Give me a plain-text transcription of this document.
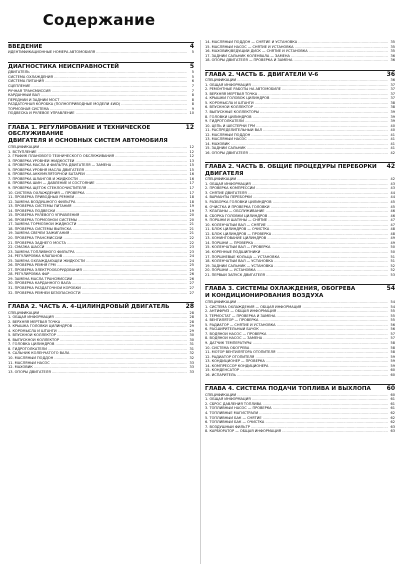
Содержание
ВВЕДЕНИЕ	4
ИДЕНТИФИКАЦИОННЫЕ НОМЕРА АВТОМОБИЛЯ .....	5
ДИАГНОСТИКА НЕИСПРАВНОСТЕЙ	5
ДВИГАТЕЛЬ .....	5
СИСТЕМА ОХЛАЖДЕНИЯ .....	5
СИСТЕМА ПИТАНИЯ .....	6
СЦЕПЛЕНИЕ .....	7
РУЧНАЯ ТРАНСМИССИЯ .....	7
КАРДАННЫЙ ВАЛ .....	8
ПЕРЕДНИЙ И ЗАДНИЙ МОСТ .....	8
РАЗДАТОЧНАЯ КОРОБКА (ПОЛНОПРИВОДНЫЕ МОДЕЛИ 4WD) .....	8
ТОРМОЗНАЯ СИСТЕМА .....	9
ПОДВЕСКА И РУЛЕВОЕ УПРАВЛЕНИЕ .....	10
ГЛАВА 1. РЕГУЛИРОВАНИЕ И ТЕХНИЧЕСКОЕ ОБСЛУЖИВАНИЕ
12
ДВИГАТЕЛЯ И ОСНОВНЫХ СИСТЕМ АВТОМОБИЛЯ
СПЕЦИФИКАЦИИ .....	12
1. ВСТУПЛЕНИЕ .....	12
2. ГРАФИК ПЛАНОВОГО ТЕХНИЧЕСКОГО ОБСЛУЖИВАНИЯ .....	12
3. ПРОВЕРКА УРОВНЕЙ ЖИДКОСТЕЙ .....	13
4. ПРОВЕРКА МАСЛА И ФИЛЬТРА ДВИГАТЕЛЯ — ЗАМЕНА .....	15
5. ПРОВЕРКА УРОВНЯ МАСЛА ДВИГАТЕЛЯ .....	15
6. ПРОВЕРКА АККУМУЛЯТОРНОЙ БАТАРЕИ .....	16
7. ПРОВЕРКА ШЛАНГОВ И ЖИДКОСТИ .....	16
8. ПРОВЕРКА ШИН — ДАВЛЕНИЕ И СОСТОЯНИЕ .....	17
9. ПРОВЕРКА ЩЕТОК СТЕКЛООЧИСТИТЕЛЯ .....	17
10. СИСТЕМА ОХЛАЖДЕНИЯ — ПРОВЕРКА .....	17
11. ПРОВЕРКА ПРИВОДНЫХ РЕМНЕЙ .....	18
12. ЗАМЕНА ВОЗДУШНОГО ФИЛЬТРА .....	18
13. ПРОВЕРКА СИСТЕМЫ ПИТАНИЯ .....	19
14. ПРОВЕРКА ПОДВЕСКИ .....	19
15. ПРОВЕРКА РУЛЕВОГО УПРАВЛЕНИЯ .....	20
16. ПРОВЕРКА ТОРМОЗНОЙ СИСТЕМЫ .....	20
17. ЗАМЕНА ТОРМОЗНОЙ ЖИДКОСТИ .....	21
18. ПРОВЕРКА СИСТЕМЫ ВЫПУСКА .....	21
19. ЗАМЕНА СВЕЧЕЙ ЗАЖИГАНИЯ .....	21
20. ПРОВЕРКА ТРАНСМИССИИ .....	22
21. ПРОВЕРКА ЗАДНЕГО МОСТА .....	22
22. СМАЗКА ШАССИ .....	23
23. ЗАМЕНА ТОПЛИВНОГО ФИЛЬТРА .....	23
24. РЕГУЛИРОВКА КЛАПАНОВ .....	24
25. ЗАМЕНА ОХЛАЖДАЮЩЕЙ ЖИДКОСТИ .....	24
26. ПРОВЕРКА РЕМНЯ ГРМ .....	25
27. ПРОВЕРКА ЭЛЕКТРООБОРУДОВАНИЯ .....	25
28. РЕГУЛИРОВКА ФАР .....	26
29. ЗАМЕНА МАСЛА ТРАНСМИССИИ .....	26
30. ПРОВЕРКА КАРДАННОГО ВАЛА .....	27
31. ПРОВЕРКА РАЗДАТОЧНОЙ КОРОБКИ .....	27
32. ПРОВЕРКА РЕМНЕЙ БЕЗОПАСНОСТИ .....	27
ГЛАВА 2. ЧАСТЬ А. 4-ЦИЛИНДРОВЫЙ ДВИГАТЕЛЬ	28
СПЕЦИФИКАЦИИ .....	28
1. ОБЩАЯ ИНФОРМАЦИЯ .....	28
2. ВЕРХНЯЯ МЕРТВАЯ ТОЧКА .....	28
3. КРЫШКА ГОЛОВКИ ЦИЛИНДРОВ .....	29
4. КОРОМЫСЛА И ШТАНГИ .....	29
5. ВПУСКНОЙ КОЛЛЕКТОР .....	30
6. ВЫПУСКНОЙ КОЛЛЕКТОР .....	30
7. ГОЛОВКА ЦИЛИНДРОВ .....	31
8. ГИДРОТОЛКАТЕЛИ .....	31
9. САЛЬНИК КОЛЕНЧАТОГО ВАЛА .....	32
10. МАСЛЯНЫЙ ПОДДОН .....	32
11. МАСЛЯНЫЙ НАСОС .....	33
12. МАХОВИК .....	33
13. ОПОРЫ ДВИГАТЕЛЯ .....	33
14. МАСЛЯНЫЙ ПОДДОН — СНЯТИЕ И УСТАНОВКА .....	35
15. МАСЛЯНЫЙ НАСОС — СНЯТИЕ И УСТАНОВКА .....	35
16. МАХОВИК/ВЕДУЩИЙ ДИСК — СНЯТИЕ И УСТАНОВКА .....	35
17. ЗАДНИЙ САЛЬНИК КОЛЕНВАЛА — ЗАМЕНА .....	36
18. ОПОРЫ ДВИГАТЕЛЯ — ПРОВЕРКА И ЗАМЕНА .....	36
ГЛАВА 2. ЧАСТЬ Б. ДВИГАТЕЛИ V-6	36
СПЕЦИФИКАЦИИ .....	36
1. ОБЩАЯ ИНФОРМАЦИЯ .....	37
2. РЕМОНТНЫЕ РАБОТЫ НА АВТОМОБИЛЕ .....	37
3. ВЕРХНЯЯ МЕРТВАЯ ТОЧКА .....	37
4. КРЫШКИ ГОЛОВОК ЦИЛИНДРОВ .....	37
5. КОРОМЫСЛА И ШТАНГИ .....	38
6. ВПУСКНОЙ КОЛЛЕКТОР .....	38
7. ВЫПУСКНЫЕ КОЛЛЕКТОРЫ .....	39
8. ГОЛОВКИ ЦИЛИНДРОВ .....	39
9. ГИДРОТОЛКАТЕЛИ .....	39
10. ЦЕПЬ И ШЕСТЕРНИ ГРМ .....	40
11. РАСПРЕДЕЛИТЕЛЬНЫЙ ВАЛ .....	40
12. МАСЛЯНЫЙ ПОДДОН .....	41
13. МАСЛЯНЫЙ НАСОС .....	41
14. МАХОВИК .....	41
15. ЗАДНИЙ САЛЬНИК .....	41
16. ОПОРЫ ДВИГАТЕЛЯ .....	42
ГЛАВА 2. ЧАСТЬ В. ОБЩИЕ ПРОЦЕДУРЫ ПЕРЕБОРКИ ДВИГАТЕЛЯ
42
СПЕЦИФИКАЦИИ .....	42
1. ОБЩАЯ ИНФОРМАЦИЯ .....	43
2. ПРОВЕРКА КОМПРЕССИИ .....	43
3. СНЯТИЕ ДВИГАТЕЛЯ .....	44
4. ВАРИАНТЫ ПЕРЕБОРКИ .....	44
5. РАЗБОРКА ГОЛОВКИ ЦИЛИНДРОВ .....	45
6. ОЧИСТКА И ПРОВЕРКА ГОЛОВКИ .....	45
7. КЛАПАНЫ — ОБСЛУЖИВАНИЕ .....	46
8. СБОРКА ГОЛОВКИ ЦИЛИНДРОВ .....	46
9. ПОРШНИ И ШАТУНЫ — СНЯТИЕ .....	47
10. КОЛЕНЧАТЫЙ ВАЛ — СНЯТИЕ .....	47
11. БЛОК ЦИЛИНДРОВ — ОЧИСТКА .....	48
12. БЛОК ЦИЛИНДРОВ — ПРОВЕРКА .....	48
13. ХОНИНГОВАНИЕ ЦИЛИНДРОВ .....	49
14. ПОРШНИ — ПРОВЕРКА .....	49
15. КОЛЕНЧАТЫЙ ВАЛ — ПРОВЕРКА .....	50
16. КОРЕННЫЕ ПОДШИПНИКИ .....	50
17. ПОРШНЕВЫЕ КОЛЬЦА — УСТАНОВКА .....	51
18. КОЛЕНЧАТЫЙ ВАЛ — УСТАНОВКА .....	51
19. ЗАДНИЙ САЛЬНИК — УСТАНОВКА .....	52
20. ПОРШНИ — УСТАНОВКА .....	52
21. ПЕРВЫЙ ЗАПУСК ДВИГАТЕЛЯ .....	53
ГЛАВА 3. СИСТЕМЫ ОХЛАЖДЕНИЯ, ОБОГРЕВА	54
И КОНДИЦИОНИРОВАНИЯ ВОЗДУХА
СПЕЦИФИКАЦИИ .....	54
1. СИСТЕМА ОХЛАЖДЕНИЯ — ОБЩАЯ ИНФОРМАЦИЯ .....	54
2. АНТИФРИЗ — ОБЩАЯ ИНФОРМАЦИЯ .....	55
3. ТЕРМОСТАТ — ПРОВЕРКА И ЗАМЕНА .....	55
4. ВЕНТИЛЯТОР — ПРОВЕРКА .....	55
5. РАДИАТОР — СНЯТИЕ И УСТАНОВКА .....	56
6. РАСШИРИТЕЛЬНЫЙ БАЧОК .....	56
7. ВОДЯНОЙ НАСОС — ПРОВЕРКА .....	57
8. ВОДЯНОЙ НАСОС — ЗАМЕНА .....	57
9. ДАТЧИК ТЕМПЕРАТУРЫ .....	58
10. СИСТЕМА ОБОГРЕВА .....	58
11. МОТОР ВЕНТИЛЯТОРА ОТОПИТЕЛЯ .....	58
12. РАДИАТОР ОТОПИТЕЛЯ .....	59
13. КОНДИЦИОНЕР — ПРОВЕРКА .....	59
14. КОМПРЕССОР КОНДИЦИОНЕРА .....	59
15. КОНДЕНСАТОР .....	60
16. ИСПАРИТЕЛЬ .....	60
ГЛАВА 4. СИСТЕМА ПОДАЧИ ТОПЛИВА И ВЫХЛОПА	60
СПЕЦИФИКАЦИИ .....	60
1. ОБЩАЯ ИНФОРМАЦИЯ .....	61
2. СБРОС ДАВЛЕНИЯ ТОПЛИВА .....	61
3. ТОПЛИВНЫЙ НАСОС — ПРОВЕРКА .....	61
4. ТОПЛИВНЫЕ МАГИСТРАЛИ .....	62
5. ТОПЛИВНЫЙ БАК — СНЯТИЕ .....	62
6. ТОПЛИВНЫЙ БАК — ОЧИСТКА .....	62
7. ВОЗДУШНЫЙ ФИЛЬТР .....	63
8. КАРБЮРАТОР — ОБЩАЯ ИНФОРМАЦИЯ .....	63
